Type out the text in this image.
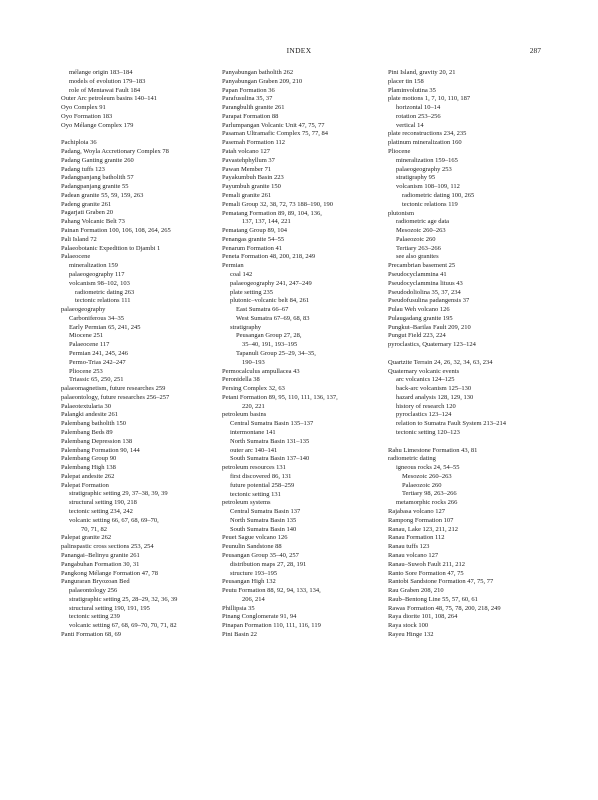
INDEX	287
mélange origin 183–184
models of evolution 179–183
role of Mentawai Fault 184
Outer Arc petroleum basins 140–141
Oyo Complex 91
Oyo Formation 183
Oyo Mélange Complex 179
Pachiploia 36
Padang, Woyla Accretionary Complex 78
Padang Ganting granite 260
Padang tuffs 123
Padangpanjang batholith 57
Padangpanjang granite 55
Padean granite 55, 59, 159, 263
Padeng granite 261
Pagarjati Graben 20
Pahang Volcanic Belt 73
Painan Formation 100, 106, 108, 264, 265
Pali Island 72
Palaeobotanic Expedition to Djambi 1
Palaeocene
mineralization 159
palaeogeography 117
volcanism 98–102, 103
radiometric dating 263
tectonic relations 111
palaeogeography
Carboniferous 34–35
Early Permian 65, 241, 245
Miocene 251
Palaeocene 117
Permian 241, 245, 246
Permo-Trias 242–247
Pliocene 253
Triassic 65, 250, 251
palaeomagnetism, future researches 259
palaeontology, future researches 256–257
Palaeotextularia 30
Palangki andesite 261
Palembang batholith 150
Palembang Beds 89
Palembang Depression 138
Palembang Formation 90, 144
Palembang Group 90
Palembang High 138
Palepat andesite 262
Palepat Formation
stratigraphic setting 29, 37–38, 39, 39
structural setting 190, 218
tectonic setting 234, 242
volcanic setting 66, 67, 68, 69–70,
70, 71, 82
Palepat granite 262
palinspastic cross sections 253, 254
Panangai–Belinyu granite 261
Pangabuhan Formation 30, 31
Pangkong Mélange Formation 47, 78
Panguraran Bryozoan Bed
palaeontology 256
stratigraphic setting 25, 28–29, 32, 36, 39
structural setting 190, 191, 195
tectonic setting 239
volcanic setting 67, 68, 69–70, 70, 71, 82
Panti Formation 68, 69
Panyabungan batholith 262
Panyabungan Graben 209, 210
Papan Formation 36
Parafusulina 35, 37
Parangbulih granite 261
Parapat Formation 88
Parlumpangan Volcanic Unit 47, 75, 77
Pasaman Ultramafic Complex 75, 77, 84
Pasemah Formation 112
Patah volcano 127
Pavastehphyllum 37
Pawan Member 71
Payakumbuh Basin 223
Payumbuh granite 150
Pemali granite 261
Pemali Group 32, 38, 72, 73 188–190, 190
Pematang Formation 89, 89, 104, 136,
137, 137, 144, 221
Pematang Group 89, 104
Penangas granite 54–55
Penarum Formation 41
Peneta Formation 48, 200, 218, 249
Permian
coal 142
palaeogeography 241, 247–249
plate setting 235
plutonic–volcanic belt 84, 261
East Sumatra 66–67
West Sumatra 67–69, 68, 83
stratigraphy
Peusangan Group 27, 28,
35–40, 191, 193–195
Tapanuli Group 25–29, 34–35,
190–193
Permocalculus ampullacea 43
Peronidella 38
Persing Complex 32, 63
Petani Formation 89, 95, 110, 111, 136, 137,
220, 221
petroleum basins
Central Sumatra Basin 135–137
intermontane 141
North Sumatra Basin 131–135
outer arc 140–141
South Sumatra Basin 137–140
petroleum resources 131
first discovered 86, 131
future potential 258–259
tectonic setting 131
petroleum systems
Central Sumatra Basin 137
North Sumatra Basin 135
South Sumatra Basin 140
Peuet Sague volcano 126
Peunulin Sandstone 88
Peusangan Group 35–40, 257
distribution maps 27, 28, 191
structure 193–195
Peusangan High 132
Peutu Formation 88, 92, 94, 133, 134,
206, 214
Phillipsia 35
Pinang Conglomerate 91, 94
Pinapan Formation 110, 111, 116, 119
Pini Basin 22
Pini Island, gravity 20, 21
placer tin 158
Plaminvolutina 35
plate motions 1, 7, 10, 110, 187
horizontal 10–14
rotation 253–256
vertical 14
plate reconstructions 234, 235
platinum mineralization 160
Pliocene
mineralization 159–165
palaeogeography 253
stratigraphy 95
volcanism 108–109, 112
radiometric dating 100, 265
tectonic relations 119
plutonism
radiometric age data
Mesozoic 260–263
Palaeozoic 260
Tertiary 263–266
see also granites
Precambrian basement 25
Pseudocyclammina 41
Pseudocyclammina lituus 43
Pseudodoliolina 35, 37, 234
Pseudofusulina padangensis 37
Pulau Weh volcano 126
Pulaugadang granite 195
Pungkut–Barilas Fault 209, 210
Pungut Field 223, 224
pyroclastics, Quaternary 123–124
Quartzite Terrain 24, 26, 32, 34, 63, 234
Quaternary volcanic events
arc volcanics 124–125
back-arc volcanism 125–130
hazard analysis 128, 129, 130
history of research 120
pyroclastics 123–124
relation to Sumatra Fault System 213–214
tectonic setting 120–123
Rahu Limestone Formation 43, 81
radiometric dating
igneous rocks 24, 54–55
Mesozoic 260–263
Palaeozoic 260
Tertiary 98, 263–266
metamorphic rocks 266
Rajabasa volcano 127
Rampong Formation 107
Ranau, Lake 123, 211, 212
Ranau Formation 112
Ranau tuffs 123
Ranau volcano 127
Ranau–Suwoh Fault 211, 212
Ranto Sore Formation 47, 75
Rantobi Sandstone Formation 47, 75, 77
Rau Graben 208, 210
Raub–Bentong Line 55, 57, 60, 61
Rawas Formation 48, 75, 78, 200, 218, 249
Raya diorite 101, 108, 264
Raya stock 100
Rayeu Hinge 132
